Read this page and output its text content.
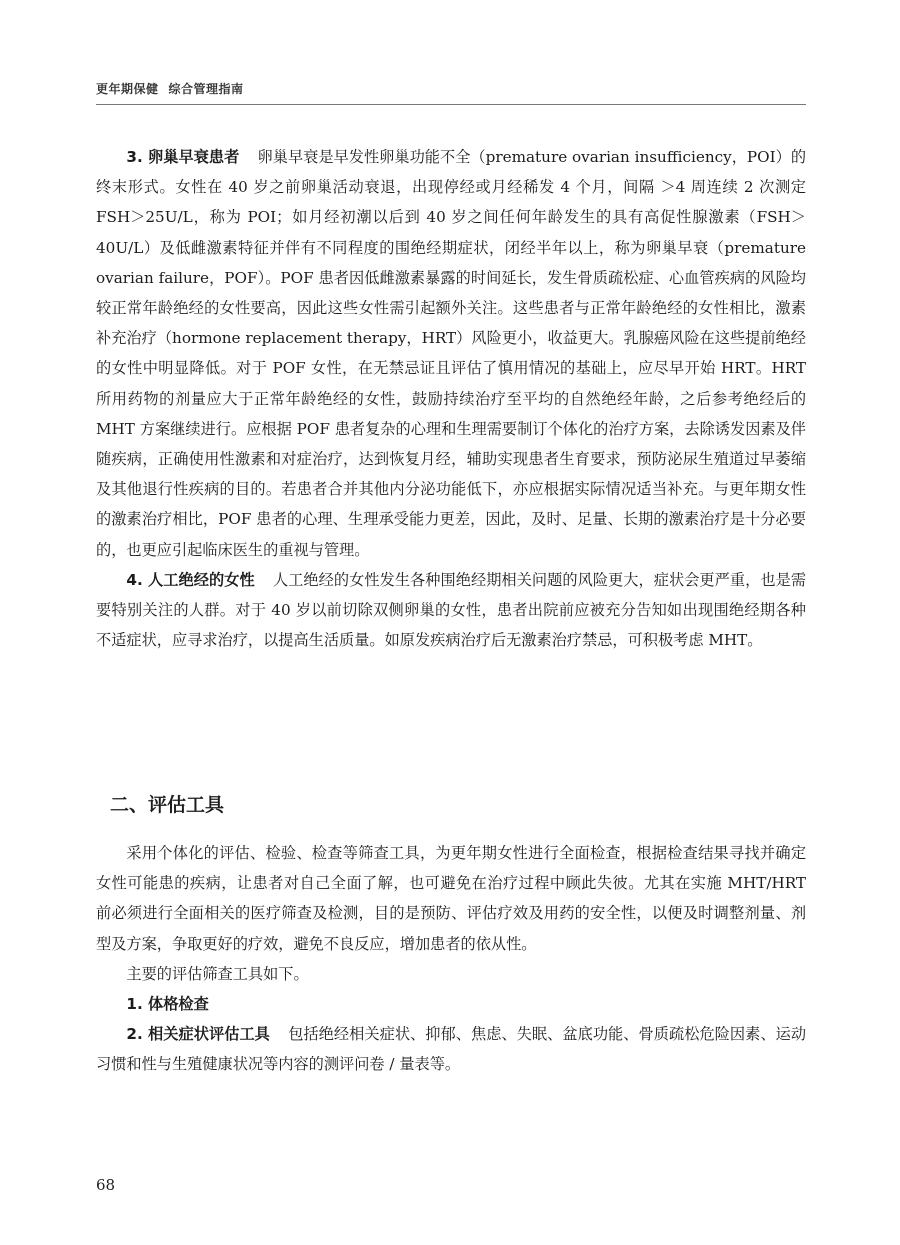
更年期保健 综合管理指南

3. 卵巢早衰患者 卵巢早衰是早发性卵巢功能不全（premature ovarian insufficiency，POI）的终末形式。女性在 40 岁之前卵巢活动衰退，出现停经或月经稀发 4 个月，间隔 ＞4 周连续 2 次测定 FSH＞25U/L，称为 POI；如月经初潮以后到 40 岁之间任何年龄发生的具有高促性腺激素（FSH＞40U/L）及低雌激素特征并伴有不同程度的围绝经期症状，闭经半年以上，称为卵巢早衰（premature ovarian failure，POF）。POF 患者因低雌激素暴露的时间延长，发生骨质疏松症、心血管疾病的风险均较正常年龄绝经的女性要高，因此这些女性需引起额外关注。这些患者与正常年龄绝经的女性相比，激素补充治疗（hormone replacement therapy，HRT）风险更小，收益更大。乳腺癌风险在这些提前绝经的女性中明显降低。对于 POF 女性，在无禁忌证且评估了慎用情况的基础上，应尽早开始 HRT。HRT 所用药物的剂量应大于正常年龄绝经的女性，鼓励持续治疗至平均的自然绝经年龄，之后参考绝经后的 MHT 方案继续进行。应根据 POF 患者复杂的心理和生理需要制订个体化的治疗方案，去除诱发因素及伴随疾病，正确使用性激素和对症治疗，达到恢复月经，辅助实现患者生育要求，预防泌尿生殖道过早萎缩及其他退行性疾病的目的。若患者合并其他内分泌功能低下，亦应根据实际情况适当补充。与更年期女性的激素治疗相比，POF 患者的心理、生理承受能力更差，因此，及时、足量、长期的激素治疗是十分必要的，也更应引起临床医生的重视与管理。

4. 人工绝经的女性 人工绝经的女性发生各种围绝经期相关问题的风险更大，症状会更严重，也是需要特别关注的人群。对于 40 岁以前切除双侧卵巢的女性，患者出院前应被充分告知如出现围绝经期各种不适症状，应寻求治疗，以提高生活质量。如原发疾病治疗后无激素治疗禁忌，可积极考虑 MHT。

二、评估工具

采用个体化的评估、检验、检查等筛查工具，为更年期女性进行全面检查，根据检查结果寻找并确定女性可能患的疾病，让患者对自己全面了解，也可避免在治疗过程中顾此失彼。尤其在实施 MHT/HRT 前必须进行全面相关的医疗筛查及检测，目的是预防、评估疗效及用药的安全性，以便及时调整剂量、剂型及方案，争取更好的疗效，避免不良反应，增加患者的依从性。

主要的评估筛查工具如下。

1. 体格检查

2. 相关症状评估工具 包括绝经相关症状、抑郁、焦虑、失眠、盆底功能、骨质疏松危险因素、运动习惯和性与生殖健康状况等内容的测评问卷 / 量表等。

68
